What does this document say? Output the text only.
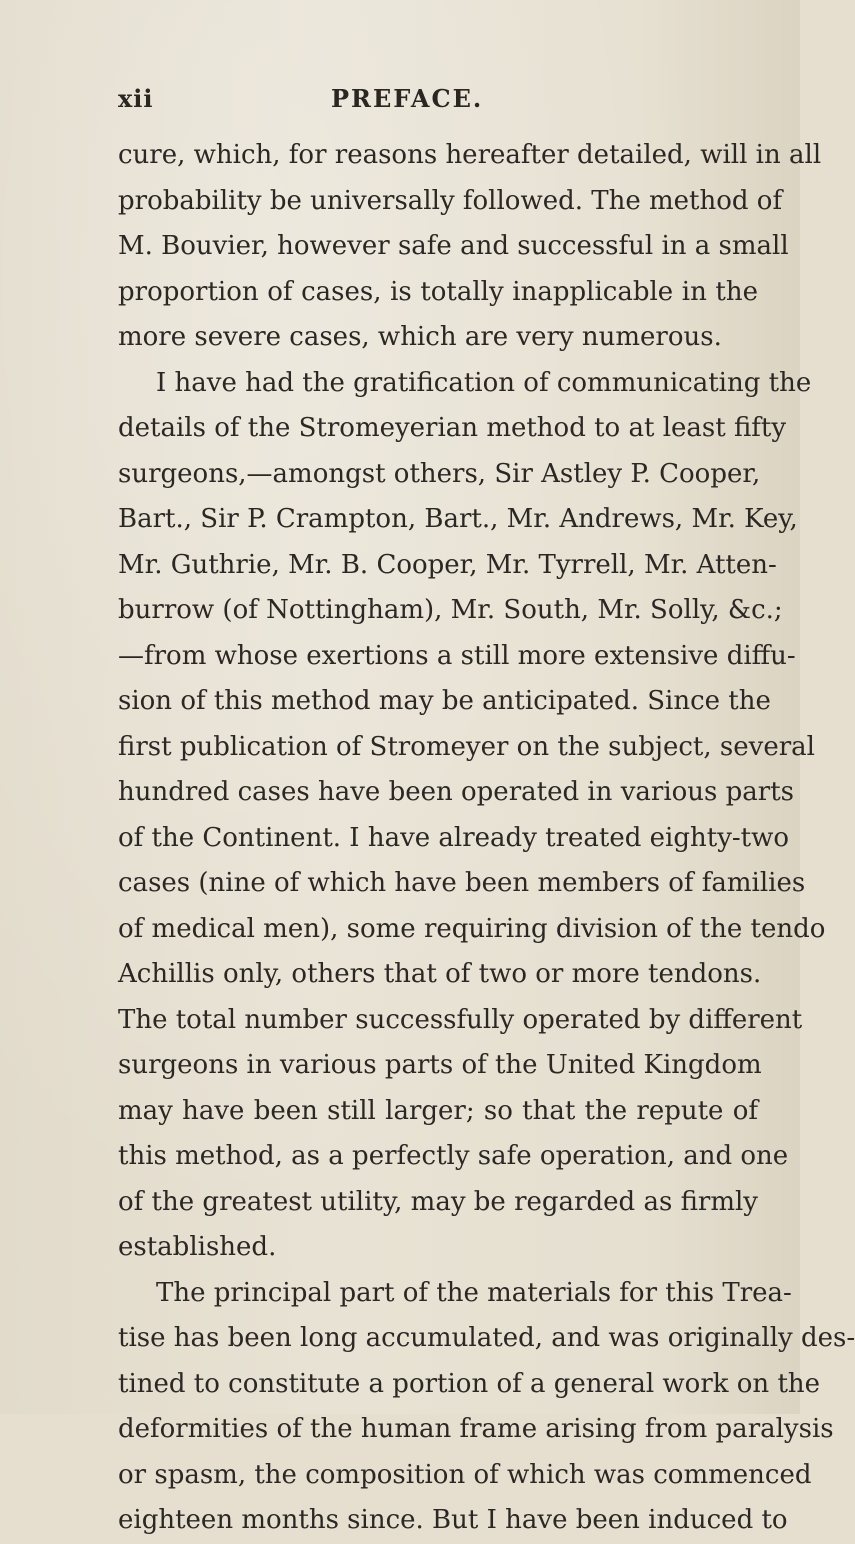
xii	PREFACE.
cure, which, for reasons hereafter detailed, will in all
probability be universally followed. The method of
M. Bouvier, however safe and successful in a small
proportion of cases, is totally inapplicable in the
more severe cases, which are very numerous.
I have had the gratification of communicating the
details of the Stromeyerian method to at least fifty
surgeons,—amongst others, Sir Astley P. Cooper,
Bart., Sir P. Crampton, Bart., Mr. Andrews, Mr. Key,
Mr. Guthrie, Mr. B. Cooper, Mr. Tyrrell, Mr. Atten-
burrow (of Nottingham), Mr. South, Mr. Solly, &c.;
—from whose exertions a still more extensive diffu-
sion of this method may be anticipated. Since the
first publication of Stromeyer on the subject, several
hundred cases have been operated in various parts
of the Continent. I have already treated eighty-two
cases (nine of which have been members of families
of medical men), some requiring division of the tendo
Achillis only, others that of two or more tendons.
The total number successfully operated by different
surgeons in various parts of the United Kingdom
may have been still larger; so that the repute of
this method, as a perfectly safe operation, and one
of the greatest utility, may be regarded as firmly
established.
The principal part of the materials for this Trea-
tise has been long accumulated, and was originally des-
tined to constitute a portion of a general work on the
deformities of the human frame arising from paralysis
or spasm, the composition of which was commenced
eighteen months since. But I have been induced to
